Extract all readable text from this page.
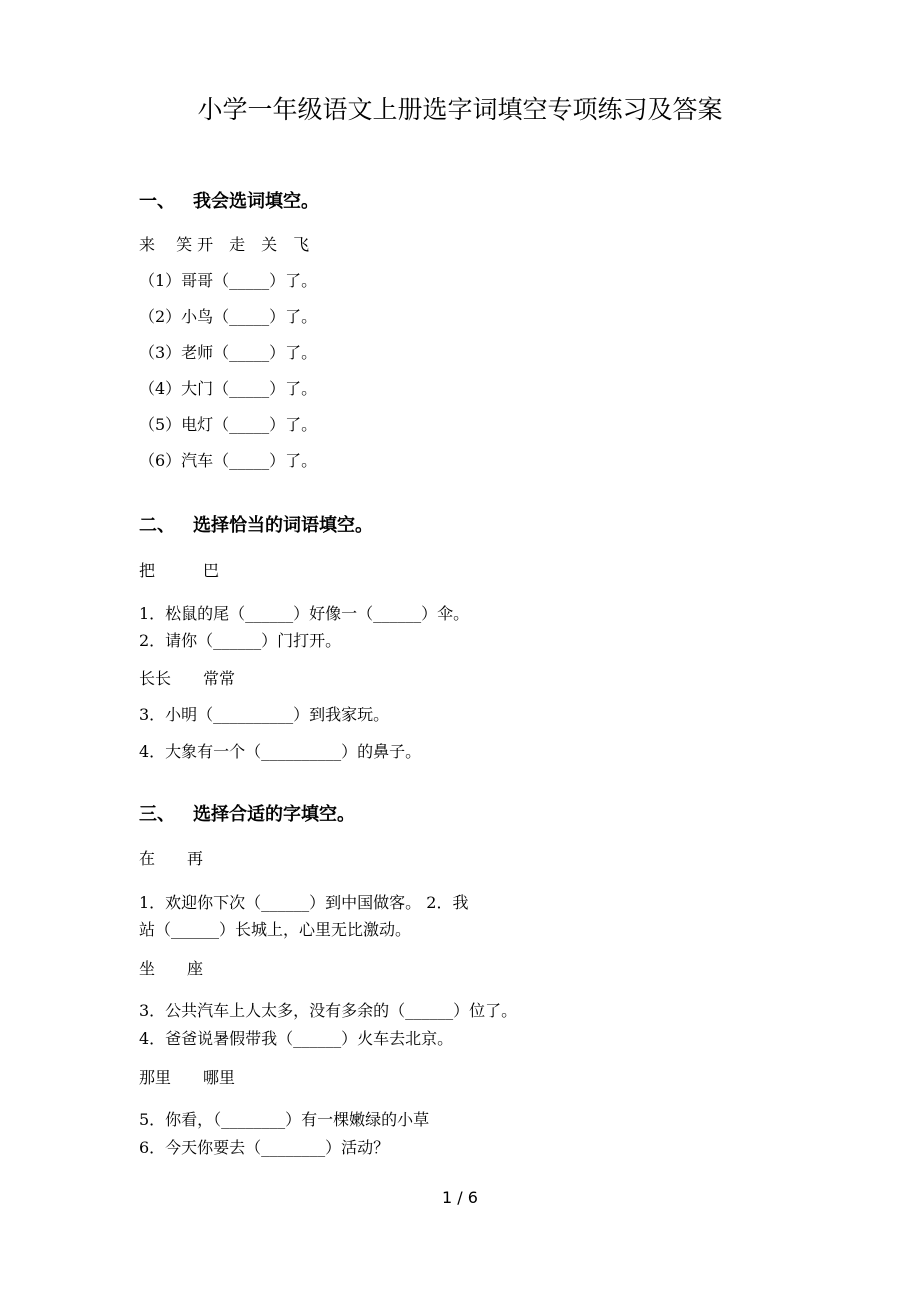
小学一年级语文上册选字词填空专项练习及答案
一、 我会选词填空。
来　 笑 开　走　关　飞
（1）哥哥（_____）了。
（2）小鸟（_____）了。
（3）老师（_____）了。
（4）大门（_____）了。
（5）电灯（_____）了。
（6）汽车（_____）了。
二、 选择恰当的词语填空。
把　　　巴
1．松鼠的尾（______）好像一（______）伞。
2．请你（______）门打开。
长长　　常常
3．小明（__________）到我家玩。
4．大象有一个（__________）的鼻子。
三、 选择合适的字填空。
在　　再
1．欢迎你下次（______）到中国做客。 2．我
站（______）长城上，心里无比激动。
坐　　座
3．公共汽车上人太多，没有多余的（______）位了。
4．爸爸说暑假带我（______）火车去北京。
那里　　哪里
5．你看，（________）有一棵嫩绿的小草
6．今天你要去（________）活动？
1 / 6
